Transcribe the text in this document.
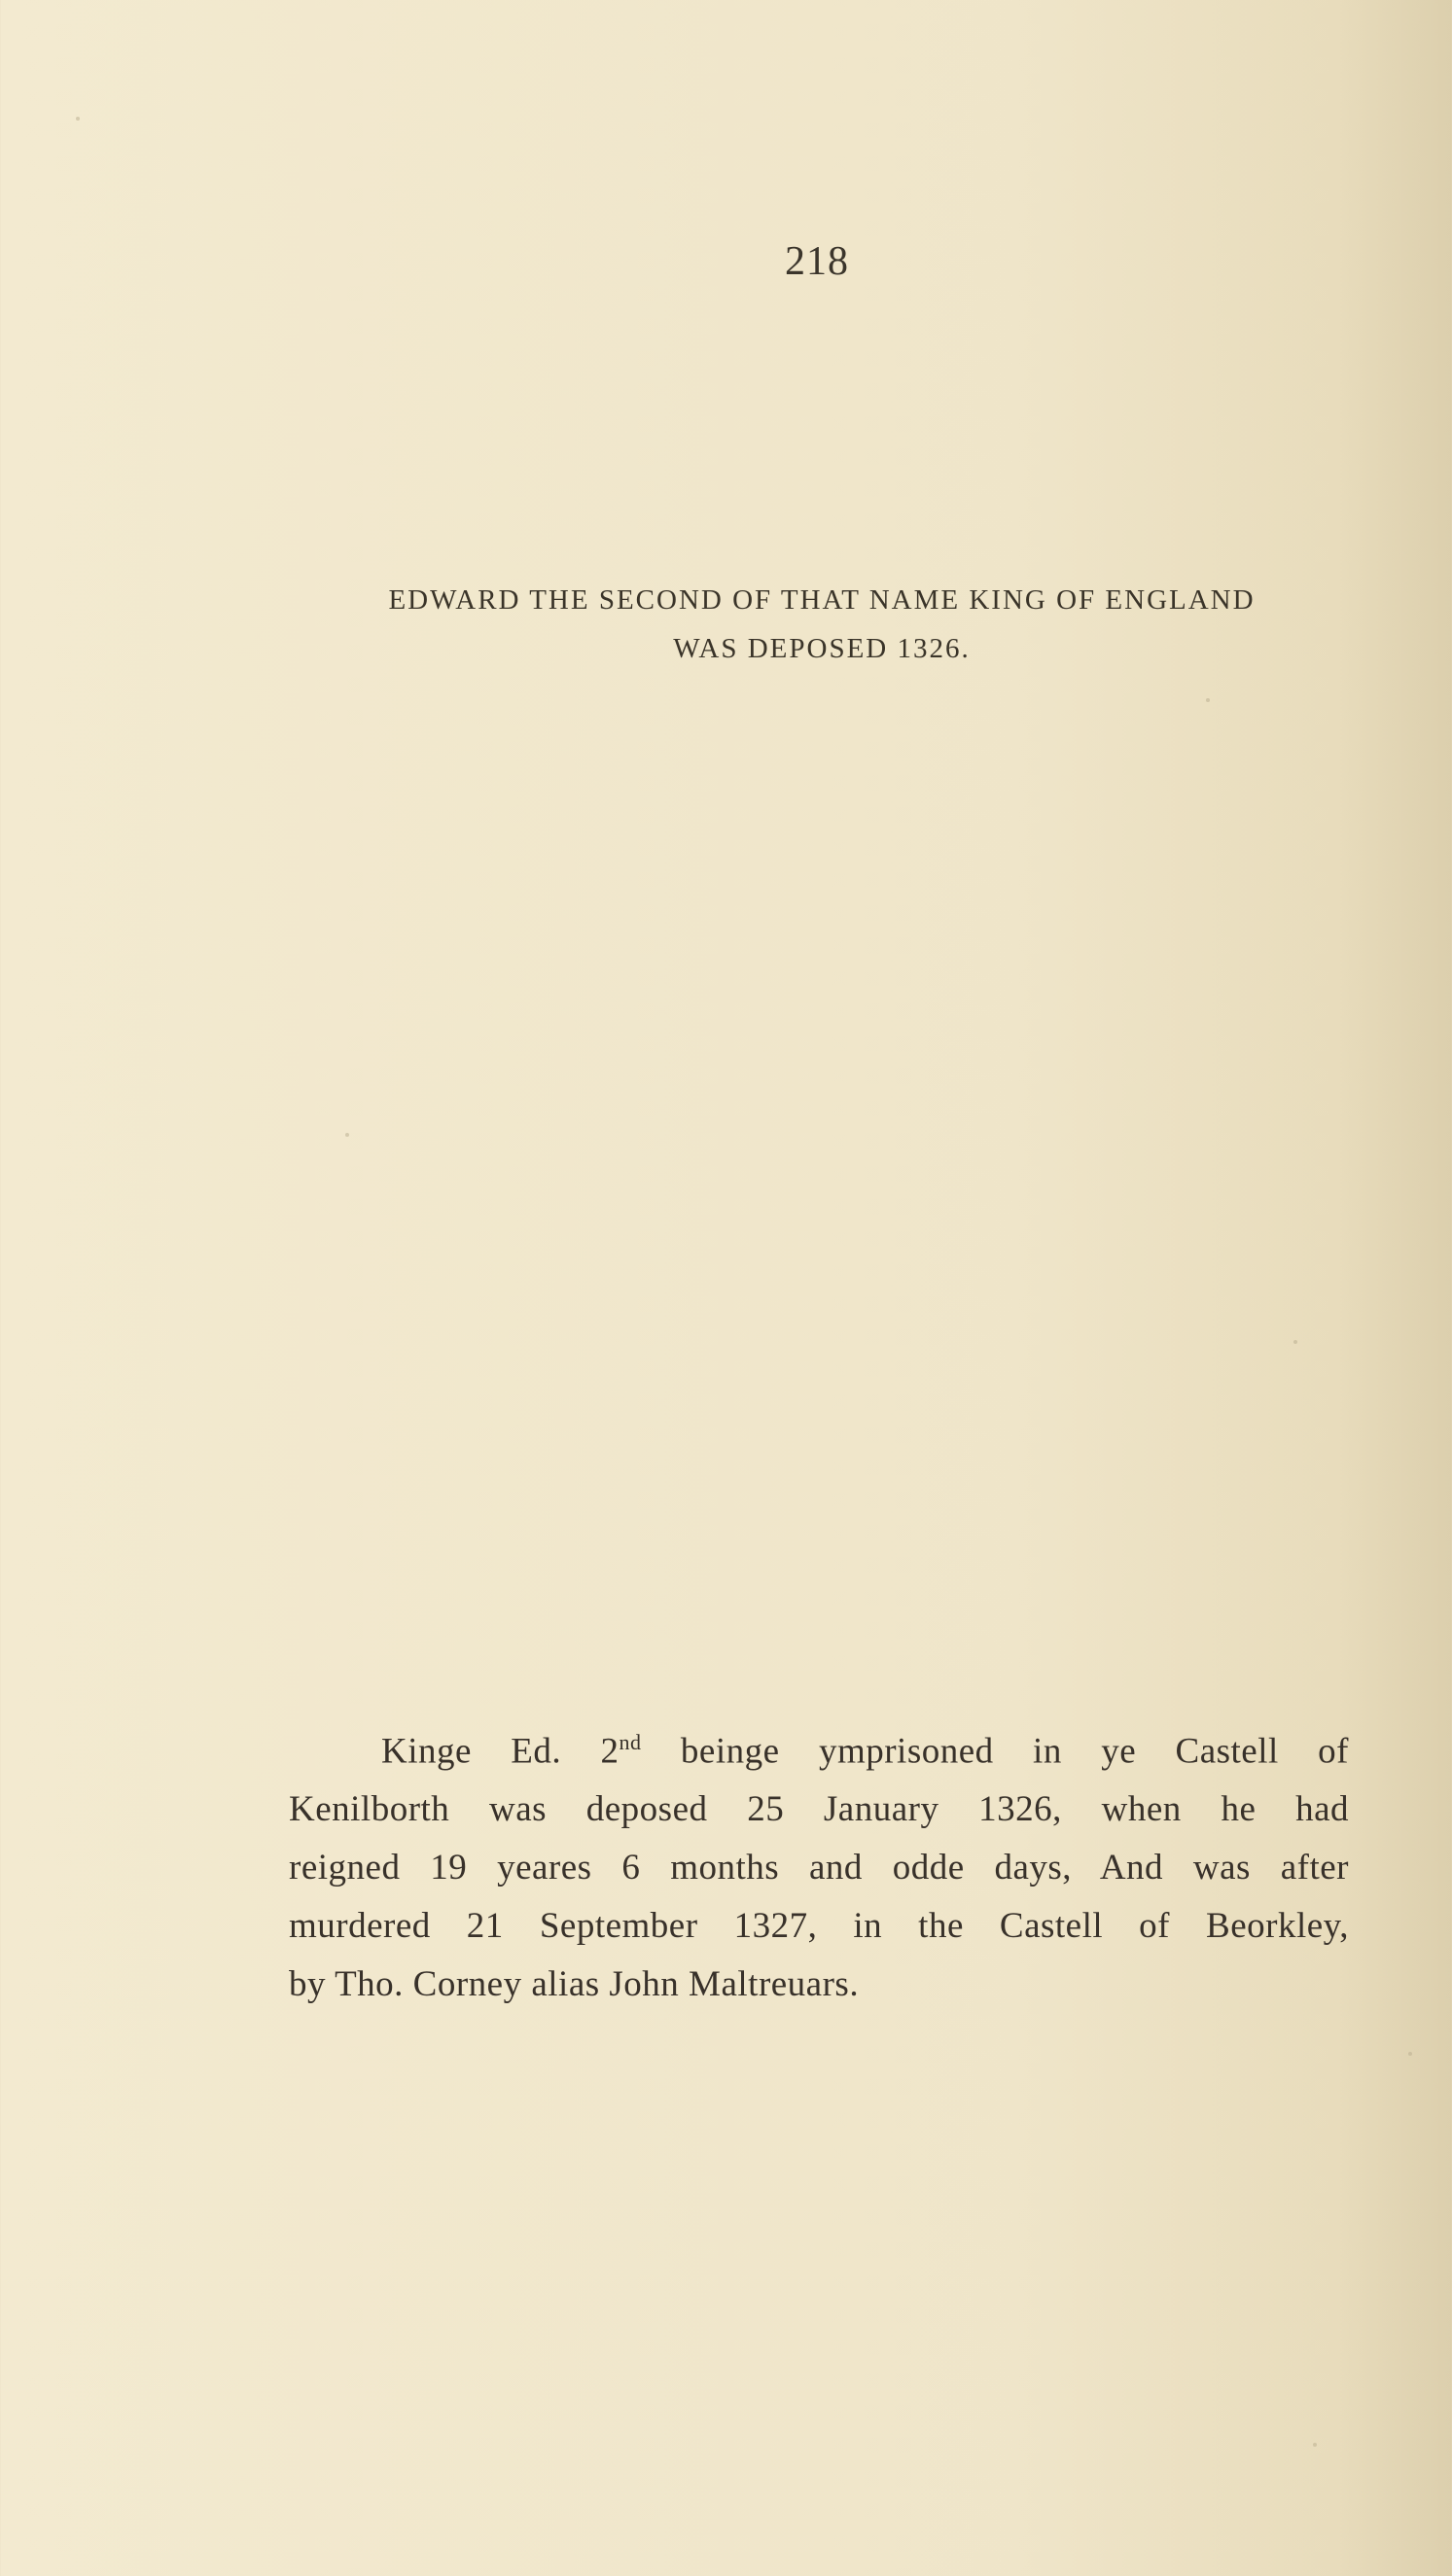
218
EDWARD THE SECOND OF THAT NAME KING OF ENGLAND
WAS DEPOSED 1326.
Kinge Ed. 2nd beinge ymprisoned in ye Castell of
Kenilborth was deposed 25 January 1326, when he had
reigned 19 yeares 6 months and odde days, And was after
murdered 21 September 1327, in the Castell of Beorkley,
by Tho. Corney alias John Maltreuars.
